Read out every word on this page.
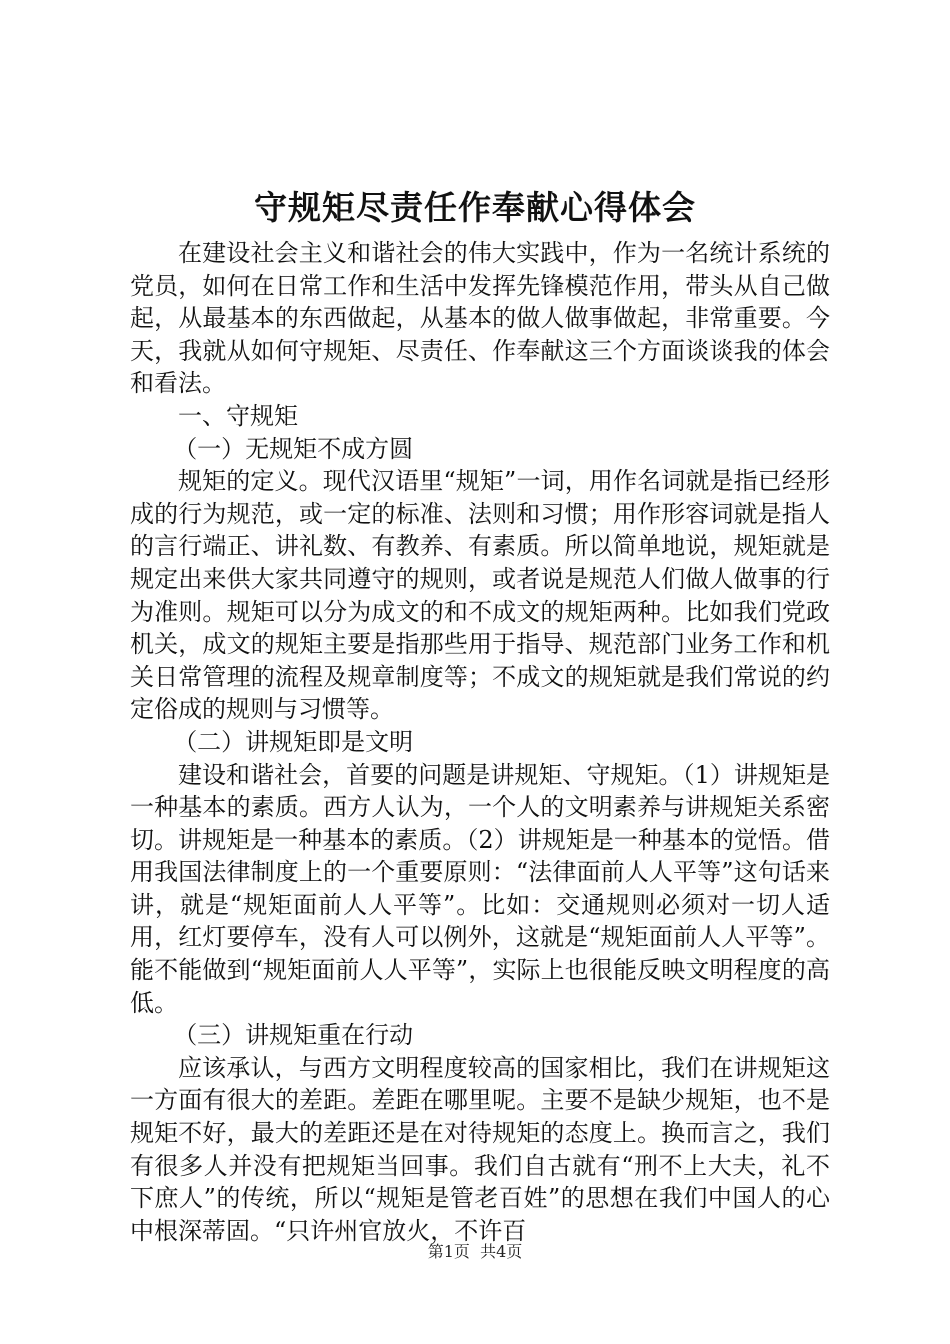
守规矩尽责任作奉献心得体会

在建设社会主义和谐社会的伟大实践中，作为一名统计系统的党员，如何在日常工作和生活中发挥先锋模范作用，带头从自己做起，从最基本的东西做起，从基本的做人做事做起，非常重要。今天，我就从如何守规矩、尽责任、作奉献这三个方面谈谈我的体会和看法。

一、守规矩

（一）无规矩不成方圆

规矩的定义。现代汉语里“规矩”一词，用作名词就是指已经形成的行为规范，或一定的标准、法则和习惯；用作形容词就是指人的言行端正、讲礼数、有教养、有素质。所以简单地说，规矩就是规定出来供大家共同遵守的规则，或者说是规范人们做人做事的行为准则。规矩可以分为成文的和不成文的规矩两种。比如我们党政机关，成文的规矩主要是指那些用于指导、规范部门业务工作和机关日常管理的流程及规章制度等；不成文的规矩就是我们常说的约定俗成的规则与习惯等。

（二）讲规矩即是文明

建设和谐社会，首要的问题是讲规矩、守规矩。（1）讲规矩是一种基本的素质。西方人认为，一个人的文明素养与讲规矩关系密切。讲规矩是一种基本的素质。（2）讲规矩是一种基本的觉悟。借用我国法律制度上的一个重要原则：“法律面前人人平等”这句话来讲，就是“规矩面前人人平等”。比如：交通规则必须对一切人适用，红灯要停车，没有人可以例外，这就是“规矩面前人人平等”。能不能做到“规矩面前人人平等”，实际上也很能反映文明程度的高低。

（三）讲规矩重在行动

应该承认，与西方文明程度较高的国家相比，我们在讲规矩这一方面有很大的差距。差距在哪里呢。主要不是缺少规矩，也不是规矩不好，最大的差距还是在对待规矩的态度上。换而言之，我们有很多人并没有把规矩当回事。我们自古就有“刑不上大夫，礼不下庶人”的传统，所以“规矩是管老百姓”的思想在我们中国人的心中根深蒂固。“只许州官放火，不许百

第1页  共4页
